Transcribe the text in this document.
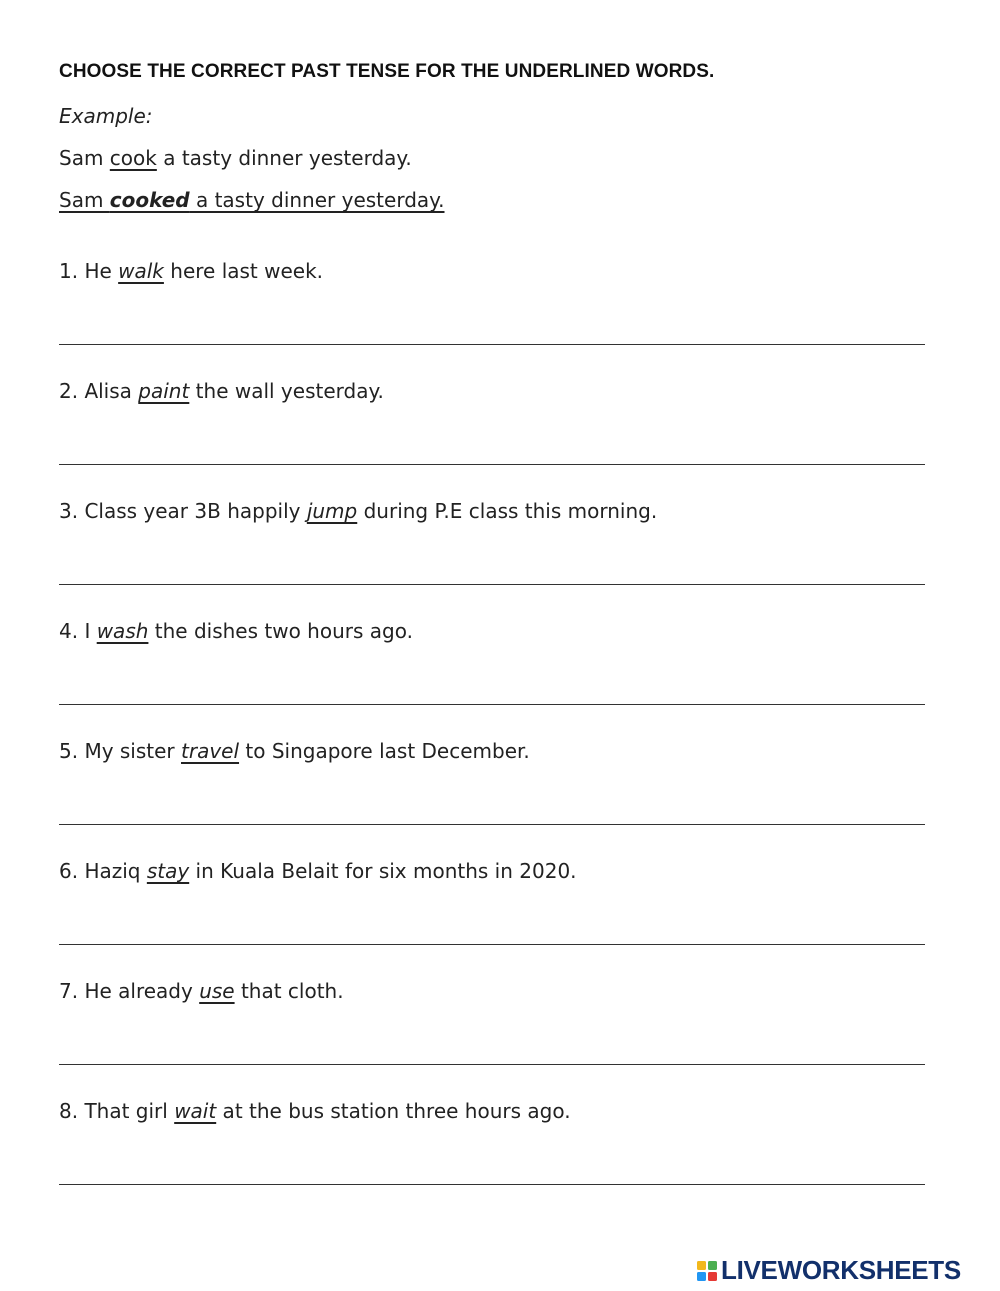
CHOOSE THE CORRECT PAST TENSE FOR THE UNDERLINED WORDS.
Example:
Sam cook a tasty dinner yesterday.
Sam cooked a tasty dinner yesterday.
1. He walk here last week.
2. Alisa paint the wall yesterday.
3. Class year 3B happily jump during P.E class this morning.
4. I wash the dishes two hours ago.
5. My sister travel to Singapore last December.
6. Haziq stay in Kuala Belait for six months in 2020.
7. He already use that cloth.
8. That girl wait at the bus station three hours ago.
LIVEWORKSHEETS
